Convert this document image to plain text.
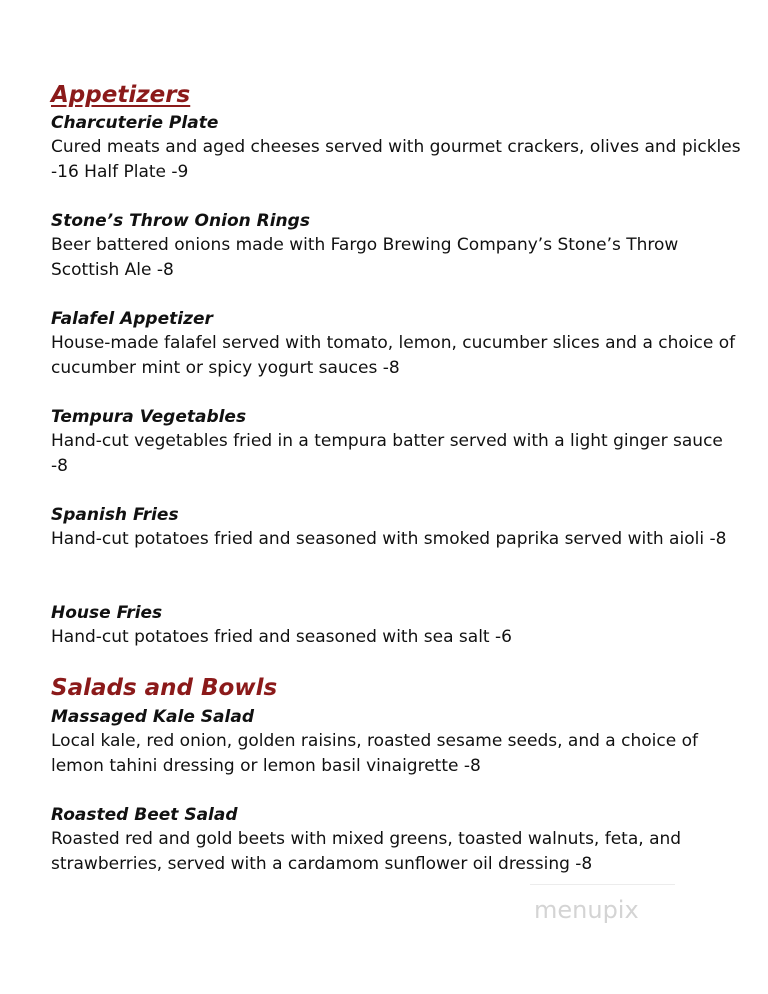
Appetizers
Charcuterie Plate
Cured meats and aged cheeses served with gourmet crackers, olives and pickles -16 Half Plate -9
Stone’s Throw Onion Rings
Beer battered onions made with Fargo Brewing Company’s Stone’s Throw Scottish Ale -8
Falafel Appetizer
House-made falafel served with tomato, lemon, cucumber slices and a choice of cucumber mint or spicy yogurt sauces -8
Tempura Vegetables
Hand-cut vegetables fried in a tempura batter served with a light ginger sauce -8
Spanish Fries
Hand-cut potatoes fried and seasoned with smoked paprika served with aioli -8
House Fries
Hand-cut potatoes fried and seasoned with sea salt -6
Salads and Bowls
Massaged Kale Salad
Local kale, red onion, golden raisins, roasted sesame seeds, and a choice of lemon tahini dressing or lemon basil vinaigrette -8
Roasted Beet Salad
Roasted red and gold beets with mixed greens, toasted walnuts, feta, and strawberries, served with a cardamom sunflower oil dressing -8
menupix
